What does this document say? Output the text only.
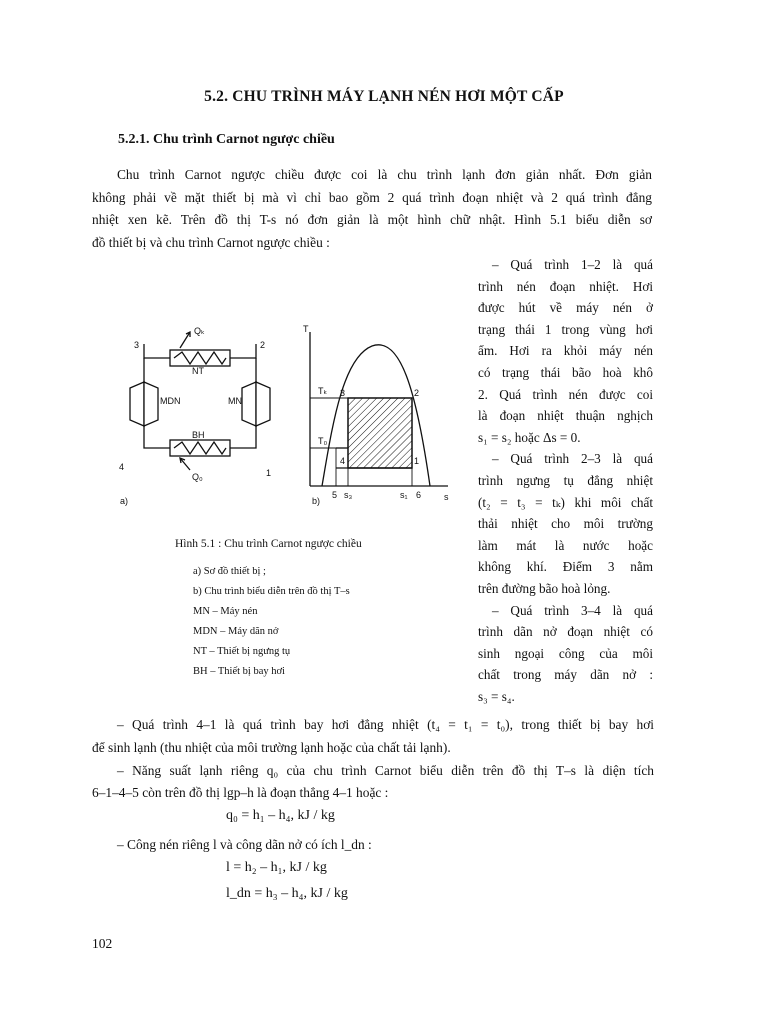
5.2. CHU TRÌNH MÁY LẠNH NÉN HƠI MỘT CẤP
5.2.1. Chu trình Carnot ngược chiều
Chu trình Carnot ngược chiều được coi là chu trình lạnh đơn giản nhất. Đơn giản
không phải về mặt thiết bị mà vì chỉ bao gồm 2 quá trình đoạn nhiệt và 2 quá trình đẳng
nhiệt xen kẽ. Trên đồ thị T-s nó đơn giản là một hình chữ nhật. Hình 5.1 biểu diễn sơ
đồ thiết bị và chu trình Carnot ngược chiều :
– Quá trình 1–2 là quá
trình nén đoạn nhiệt. Hơi
được hút về máy nén ở
trạng thái 1 trong vùng hơi
ẩm. Hơi ra khỏi máy nén
có trạng thái bão hoà khô
2. Quá trình nén được coi
là đoạn nhiệt thuận nghịch
s₁ = s₂ hoặc Δs = 0.
– Quá trình 2–3 là quá
trình ngưng tụ đẳng nhiệt
(t₂ = t₃ = tₖ) khi môi chất
thải nhiệt cho môi trường
làm mát là nước hoặc
không khí. Điểm 3 nằm
trên đường bão hoà lỏng.
– Quá trình 3–4 là quá
trình dãn nở đoạn nhiệt có
sinh ngoại công của môi
chất trong máy dãn nở :
s₃ = s₄.
Qₖ
NT
BH
Q₀
MDN	MN
3	2
4
1
a)
T
s
Tₖ
T₀
3	2
4	1
5 s₃	s₁ 6
b)
Hình 5.1 : Chu trình Carnot ngược chiều
a) Sơ đồ thiết bị ;
b) Chu trình biểu diễn trên đồ thị T–s
MN – Máy nén
MDN – Máy dãn nở
NT – Thiết bị ngưng tụ
BH – Thiết bị bay hơi
– Quá trình 4–1 là quá trình bay hơi đẳng nhiệt (t₄ = t₁ = t₀), trong thiết bị bay hơi
để sinh lạnh (thu nhiệt của môi trường lạnh hoặc của chất tải lạnh).
– Năng suất lạnh riêng q₀ của chu trình Carnot biểu diễn trên đồ thị T–s là diện tích
6–1–4–5 còn trên đồ thị lgp–h là đoạn thẳng 4–1 hoặc :
q₀ = h₁ – h₄, kJ / kg
– Công nén riêng l và công dãn nở có ích l_dn :
l = h₂ – h₁, kJ / kg
l_dn = h₃ – h₄, kJ / kg
102
